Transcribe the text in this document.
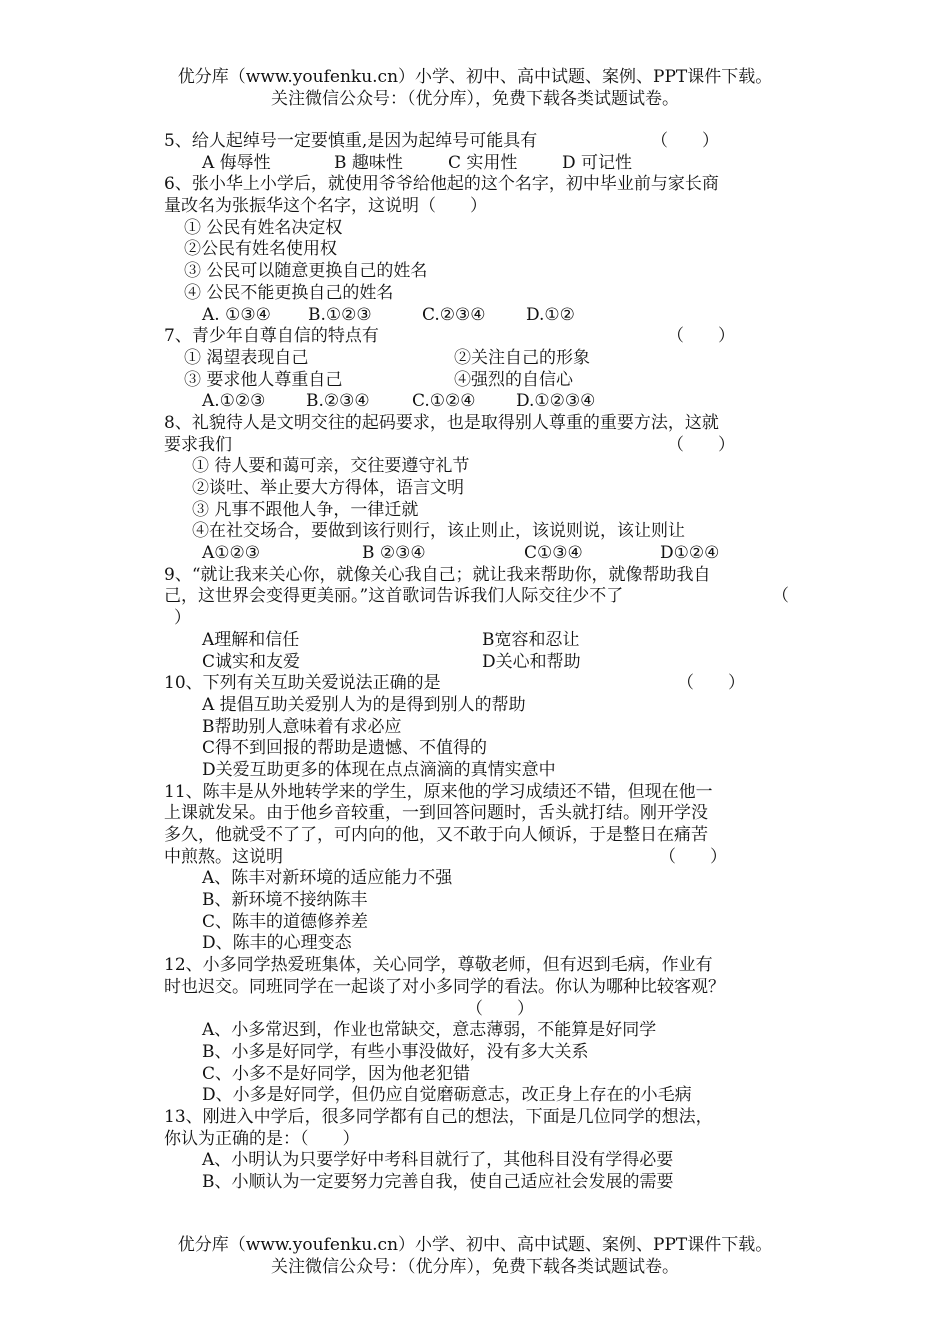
优分库（www.youfenku.cn）小学、初中、高中试题、案例、PPT课件下载。
关注微信公众号：（优分库），免费下载各类试题试卷。
5、给人起绰号一定要慎重,是因为起绰号可能具有	（　　）
A 侮辱性	B 趣味性	C 实用性	D 可记性
6、张小华上小学后，就使用爷爷给他起的这个名字，初中毕业前与家长商
量改名为张振华这个名字，这说明（　　）
① 公民有姓名决定权
②公民有姓名使用权
③ 公民可以随意更换自己的姓名
④ 公民不能更换自己的姓名
A. ①③④ B.①②③	C.②③④ D.①②
7、青少年自尊自信的特点有	（　　）
① 渴望表现自己	②关注自己的形象
③ 要求他人尊重自己	④强烈的自信心
A.①②③ B.②③④ C.①②④ D.①②③④
8、礼貌待人是文明交往的起码要求，也是取得别人尊重的重要方法，这就
要求我们	（　　）
① 待人要和蔼可亲，交往要遵守礼节
②谈吐、举止要大方得体，语言文明
③ 凡事不跟他人争，一律迁就
④在社交场合，要做到该行则行，该止则止，该说则说，该让则让
A①②③	B ②③④	C①③④	D①②④
9、“就让我来关心你，就像关心我自己；就让我来帮助你，就像帮助我自
己，这世界会变得更美丽。”这首歌词告诉我们人际交往少不了	（
）
A理解和信任	B宽容和忍让
C诚实和友爱	D关心和帮助
10、下列有关互助关爱说法正确的是	（　　）
A 提倡互助关爱别人为的是得到别人的帮助
B帮助别人意味着有求必应
C得不到回报的帮助是遗憾、不值得的
D关爱互助更多的体现在点点滴滴的真情实意中
11、陈丰是从外地转学来的学生，原来他的学习成绩还不错，但现在他一
上课就发呆。由于他乡音较重，一到回答问题时，舌头就打结。刚开学没
多久，他就受不了了，可内向的他，又不敢于向人倾诉，于是整日在痛苦
中煎熬。这说明	（　　）
A、陈丰对新环境的适应能力不强
B、新环境不接纳陈丰
C、陈丰的道德修养差
D、陈丰的心理变态
12、小多同学热爱班集体，关心同学，尊敬老师，但有迟到毛病，作业有
时也迟交。同班同学在一起谈了对小多同学的看法。你认为哪种比较客观？
（　　）
A、小多常迟到，作业也常缺交，意志薄弱，不能算是好同学
B、小多是好同学，有些小事没做好，没有多大关系
C、小多不是好同学，因为他老犯错
D、小多是好同学，但仍应自觉磨砺意志，改正身上存在的小毛病
13、刚进入中学后，很多同学都有自己的想法，下面是几位同学的想法，
你认为正确的是：（　　）
A、小明认为只要学好中考科目就行了，其他科目没有学得必要
B、小顺认为一定要努力完善自我，使自己适应社会发展的需要
优分库（www.youfenku.cn）小学、初中、高中试题、案例、PPT课件下载。
关注微信公众号：（优分库），免费下载各类试题试卷。
